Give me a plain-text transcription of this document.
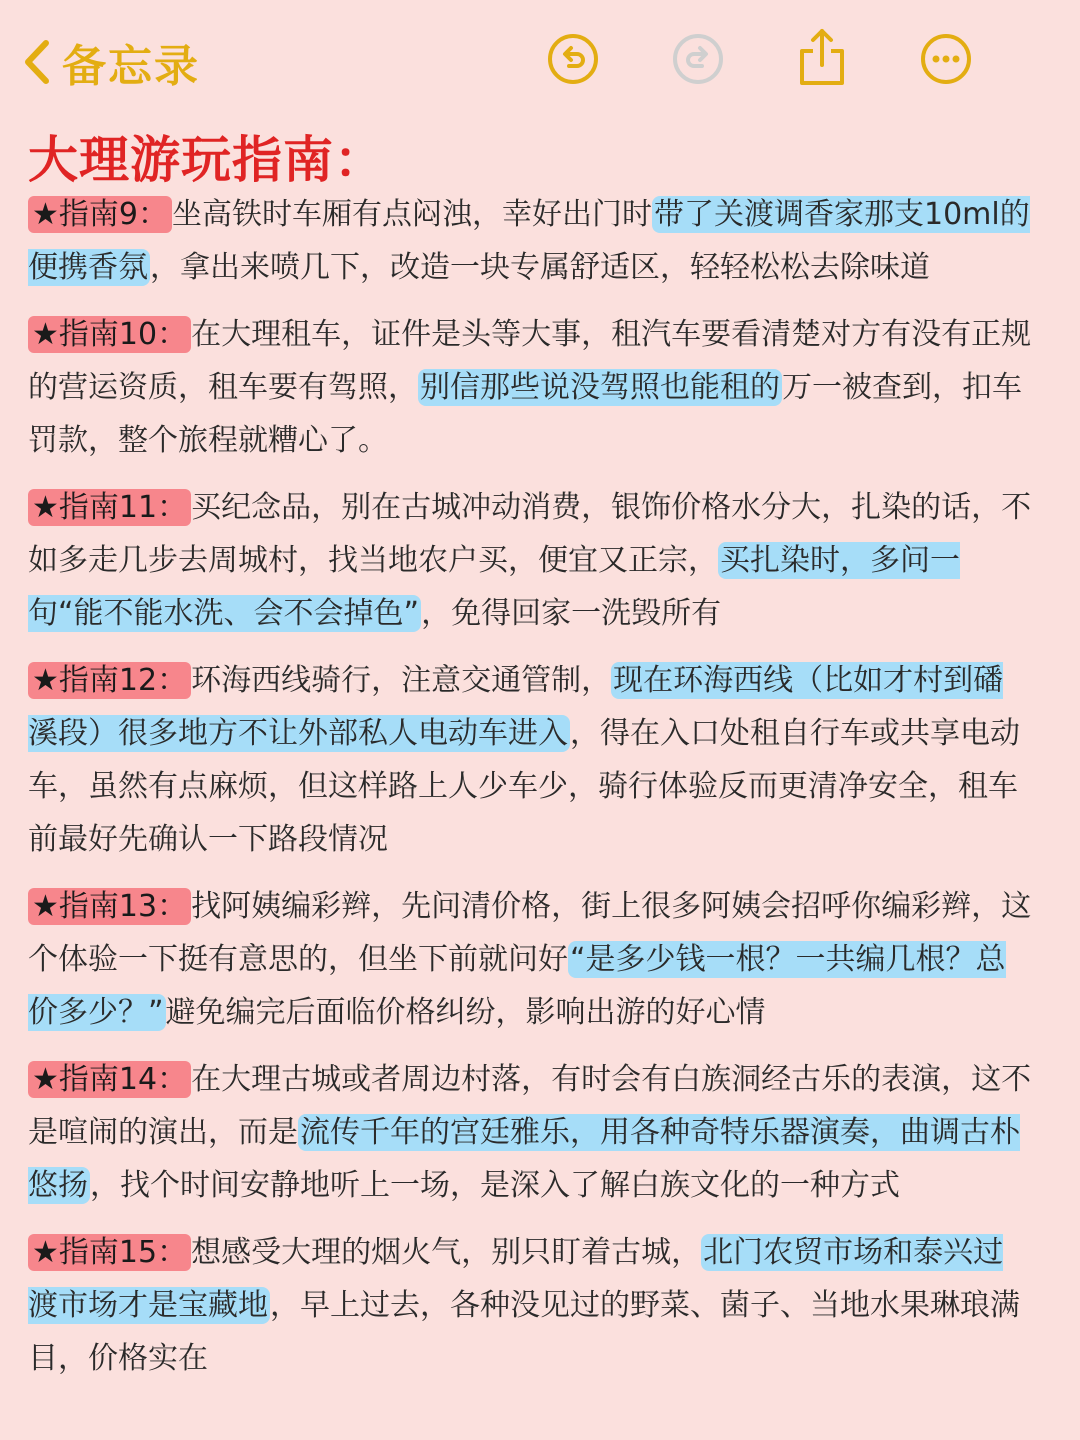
备忘录
大理游玩指南：

★指南9： 坐高铁时车厢有点闷浊，幸好出门时带了关渡调香家那支10ml的便携香氛，拿出来喷几下，改造一块专属舒适区，轻轻松松去除味道

★指南10： 在大理租车，证件是头等大事，租汽车要看清楚对方有没有正规的营运资质，租车要有驾照，别信那些说没驾照也能租的万一被查到，扣车罚款，整个旅程就糟心了。

★指南11： 买纪念品，别在古城冲动消费，银饰价格水分大，扎染的话，不如多走几步去周城村，找当地农户买，便宜又正宗，买扎染时，多问一句“能不能水洗、会不会掉色”，免得回家一洗毁所有

★指南12： 环海西线骑行，注意交通管制，现在环海西线（比如才村到磻溪段）很多地方不让外部私人电动车进入，得在入口处租自行车或共享电动车，虽然有点麻烦，但这样路上人少车少，骑行体验反而更清净安全，租车前最好先确认一下路段情况

★指南13： 找阿姨编彩辫，先问清价格，街上很多阿姨会招呼你编彩辫，这个体验一下挺有意思的，但坐下前就问好“是多少钱一根？一共编几根？总价多少？”避免编完后面临价格纠纷，影响出游的好心情

★指南14： 在大理古城或者周边村落，有时会有白族洞经古乐的表演，这不是喧闹的演出，而是流传千年的宫廷雅乐，用各种奇特乐器演奏，曲调古朴悠扬，找个时间安静地听上一场，是深入了解白族文化的一种方式

★指南15： 想感受大理的烟火气，别只盯着古城，北门农贸市场和泰兴过渡市场才是宝藏地，早上过去，各种没见过的野菜、菌子、当地水果琳琅满目，价格实在
